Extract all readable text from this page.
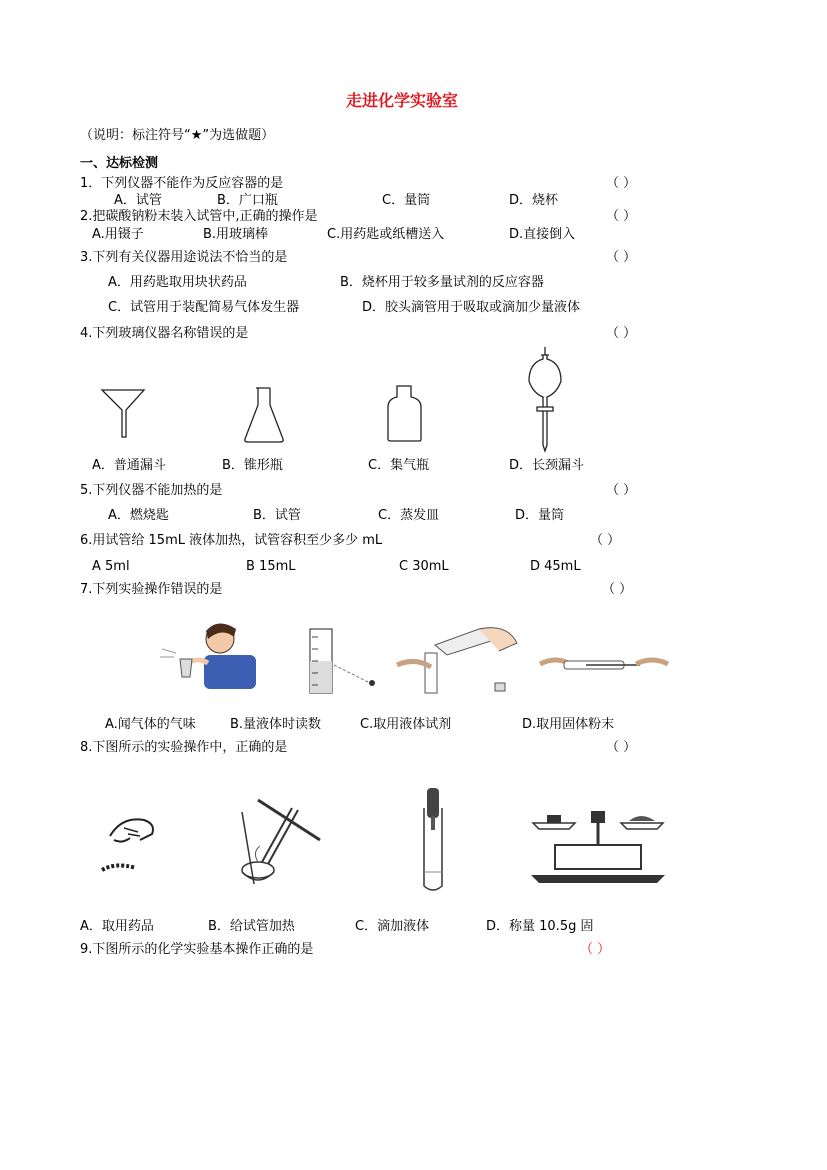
走进化学实验室
（说明：标注符号“★”为选做题）
一、达标检测
1．下列仪器不能作为反应容器的是	（ ）
A．试管	B．广口瓶	C．量筒	D．烧杯
2.把碳酸钠粉末装入试管中,正确的操作是	（ ）
A.用镊子	B.用玻璃棒	C.用药匙或纸槽送入	D.直接倒入
3.下列有关仪器用途说法不恰当的是	（ ）
A．用药匙取用块状药品	B．烧杯用于较多量试剂的反应容器
C．试管用于装配简易气体发生器	D．胶头滴管用于吸取或滴加少量液体
4.下列玻璃仪器名称错误的是	（ ）
A．普通漏斗	B．锥形瓶	C．集气瓶	D．长颈漏斗
5.下列仪器不能加热的是	（ ）
A．燃烧匙	B．试管	C．蒸发皿	D．量筒
6.用试管给 15mL 液体加热，试管容积至少多少 mL	（ ）
A 5ml	B 15mL	C 30mL	D 45mL
7.下列实验操作错误的是	（ ）
A.闻气体的气味	B.量液体时读数	C.取用液体试剂	D.取用固体粉末
8.下图所示的实验操作中，正确的是	（ ）
A．取用药品	B．给试管加热	C．滴加液体	D．称量 10.5g 固
9.下图所示的化学实验基本操作正确的是	（ ）
